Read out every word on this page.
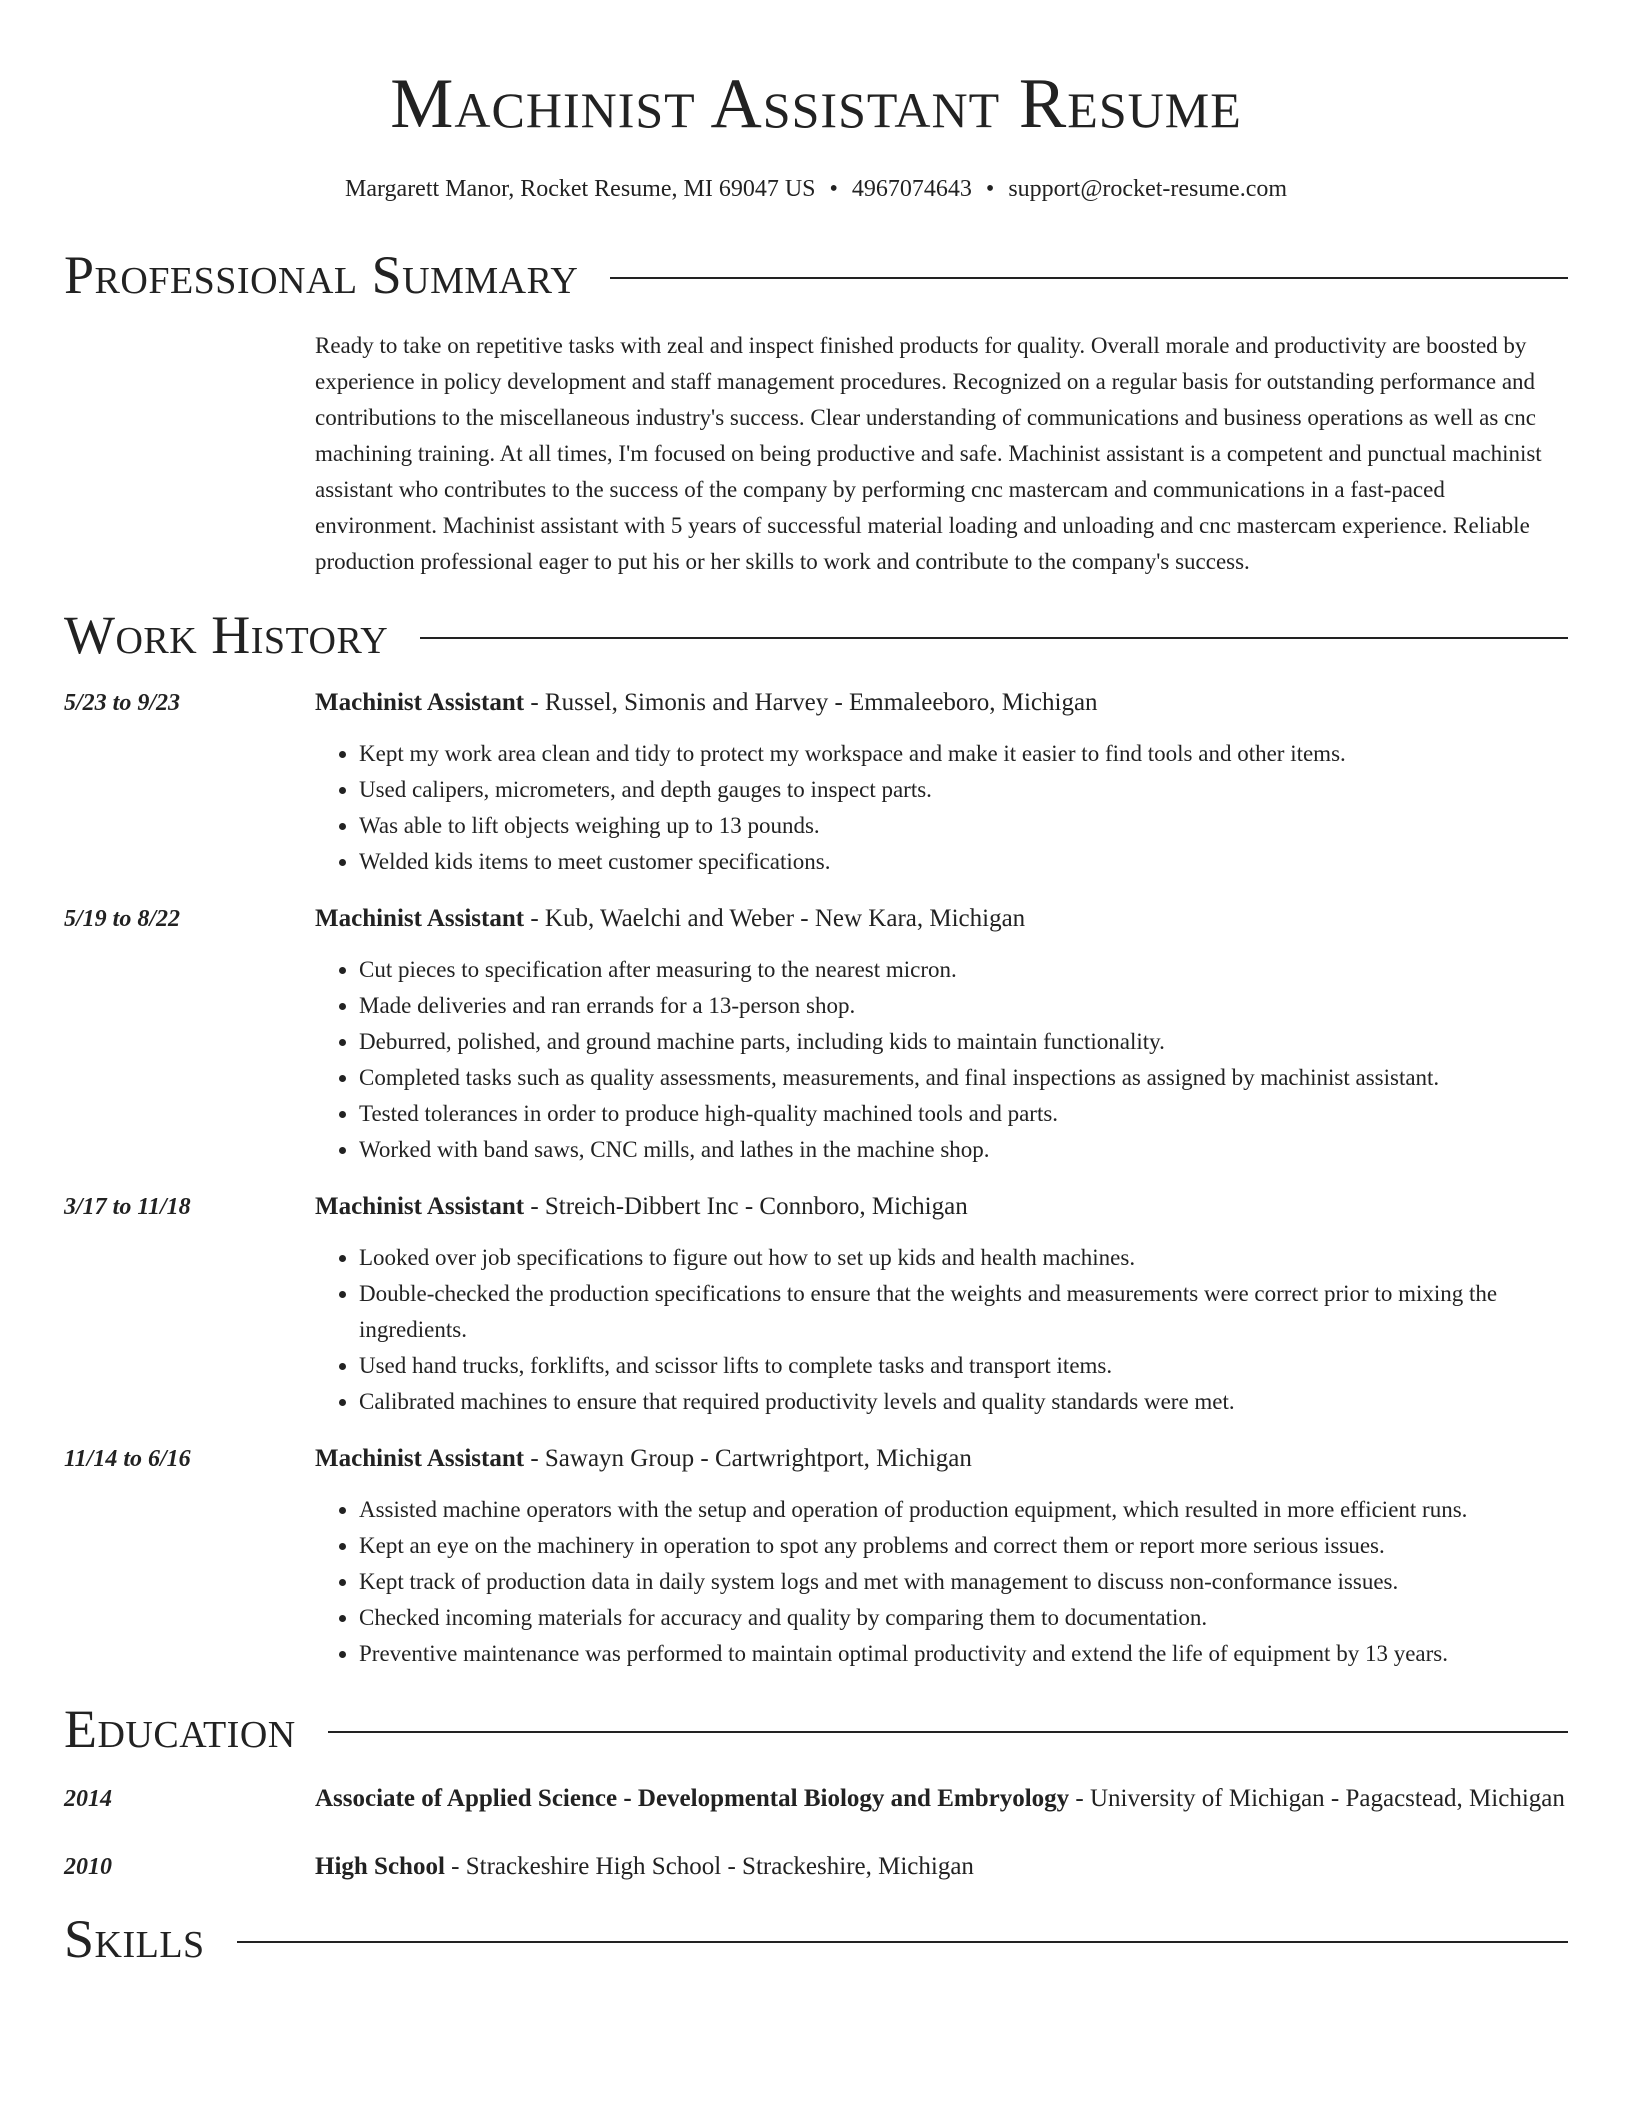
Machinist Assistant Resume
Margarett Manor, Rocket Resume, MI 69047 US • 4967074643 • support@rocket-resume.com
Professional Summary

Ready to take on repetitive tasks with zeal and inspect finished products for quality. Overall morale and productivity are boosted by experience in policy development and staff management procedures. Recognized on a regular basis for outstanding performance and contributions to the miscellaneous industry's success. Clear understanding of communications and business operations as well as cnc machining training. At all times, I'm focused on being productive and safe. Machinist assistant is a competent and punctual machinist assistant who contributes to the success of the company by performing cnc mastercam and communications in a fast-paced environment. Machinist assistant with 5 years of successful material loading and unloading and cnc mastercam experience. Reliable production professional eager to put his or her skills to work and contribute to the company's success.

Work History
5/23 to 9/23	Machinist Assistant - Russel, Simonis and Harvey - Emmaleeboro, Michigan
• Kept my work area clean and tidy to protect my workspace and make it easier to find tools and other items.
• Used calipers, micrometers, and depth gauges to inspect parts.
• Was able to lift objects weighing up to 13 pounds.
• Welded kids items to meet customer specifications.
5/19 to 8/22	Machinist Assistant - Kub, Waelchi and Weber - New Kara, Michigan
• Cut pieces to specification after measuring to the nearest micron.
• Made deliveries and ran errands for a 13-person shop.
• Deburred, polished, and ground machine parts, including kids to maintain functionality.
• Completed tasks such as quality assessments, measurements, and final inspections as assigned by machinist assistant.
• Tested tolerances in order to produce high-quality machined tools and parts.
• Worked with band saws, CNC mills, and lathes in the machine shop.
3/17 to 11/18	Machinist Assistant - Streich-Dibbert Inc - Connboro, Michigan
• Looked over job specifications to figure out how to set up kids and health machines.
• Double-checked the production specifications to ensure that the weights and measurements were correct prior to mixing the ingredients.
• Used hand trucks, forklifts, and scissor lifts to complete tasks and transport items.
• Calibrated machines to ensure that required productivity levels and quality standards were met.
11/14 to 6/16	Machinist Assistant - Sawayn Group - Cartwrightport, Michigan
• Assisted machine operators with the setup and operation of production equipment, which resulted in more efficient runs.
• Kept an eye on the machinery in operation to spot any problems and correct them or report more serious issues.
• Kept track of production data in daily system logs and met with management to discuss non-conformance issues.
• Checked incoming materials for accuracy and quality by comparing them to documentation.
• Preventive maintenance was performed to maintain optimal productivity and extend the life of equipment by 13 years.
Education
2014	Associate of Applied Science - Developmental Biology and Embryology - University of Michigan - Pagacstead, Michigan
2010	High School - Strackeshire High School - Strackeshire, Michigan
Skills
